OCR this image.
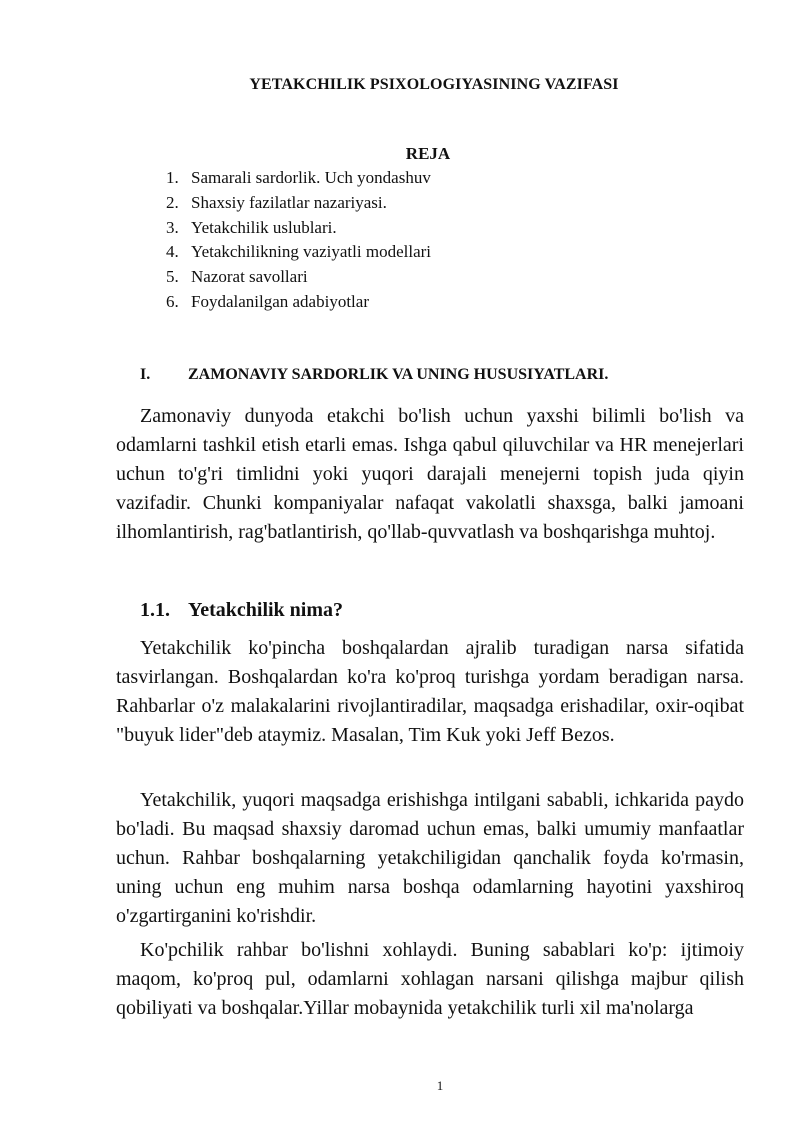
YETAKCHILIK PSIXOLOGIYASINING VAZIFASI
REJA
1. Samarali sardorlik. Uch yondashuv
2. Shaxsiy fazilatlar nazariyasi.
3. Yetakchilik uslublari.
4. Yetakchilikning vaziyatli modellari
5. Nazorat savollari
6. Foydalanilgan adabiyotlar
I. ZAMONAVIY SARDORLIK VA UNING HUSUSIYATLARI.

Zamonaviy dunyoda etakchi bo'lish uchun yaxshi bilimli bo'lish va odamlarni tashkil etish etarli emas. Ishga qabul qiluvchilar va HR menejerlari uchun to'g'ri timlidni yoki yuqori darajali menejerni topish juda qiyin vazifadir. Chunki kompaniyalar nafaqat vakolatli shaxsga, balki jamoani ilhomlantirish, rag'batlantirish, qo'llab-quvvatlash va boshqarishga muhtoj.

1.1. Yetakchilik nima?

Yetakchilik ko'pincha boshqalardan ajralib turadigan narsa sifatida tasvirlangan. Boshqalardan ko'ra ko'proq turishga yordam beradigan narsa. Rahbarlar o'z malakalarini rivojlantiradilar, maqsadga erishadilar, oxir-oqibat "buyuk lider"deb ataymiz. Masalan, Tim Kuk yoki Jeff Bezos.

Yetakchilik, yuqori maqsadga erishishga intilgani sababli, ichkarida paydo bo'ladi. Bu maqsad shaxsiy daromad uchun emas, balki umumiy manfaatlar uchun. Rahbar boshqalarning yetakchiligidan qanchalik foyda ko'rmasin, uning uchun eng muhim narsa boshqa odamlarning hayotini yaxshiroq o'zgartirganini ko'rishdir.

Ko'pchilik rahbar bo'lishni xohlaydi. Buning sabablari ko'p: ijtimoiy maqom, ko'proq pul, odamlarni xohlagan narsani qilishga majbur qilish qobiliyati va boshqalar.Yillar mobaynida yetakchilik turli xil ma'nolarga

1
